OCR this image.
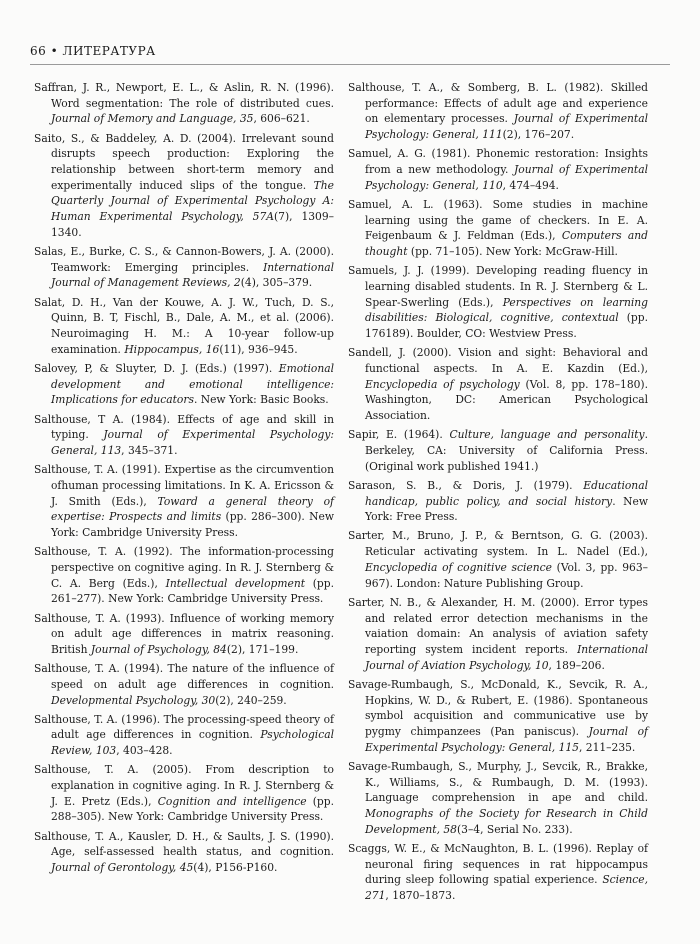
66 • ЛИТЕРАТУРА

Saffran, J. R., Newport, E. L., & Aslin, R. N. (1996). Word segmentation: The role of distributed cues. Journal of Memory and Language, 35, 606–621.

Saito, S., & Baddeley, A. D. (2004). Irrelevant sound disrupts speech production: Exploring the relationship between short-term memory and experimentally induced slips of the tongue. The Quarterly Journal of Experimental Psychology A: Human Experimental Psychology, 57A(7), 1309–1340.

Salas, E., Burke, C. S., & Cannon-Bowers, J. A. (2000). Teamwork: Emerging principles. International Journal of Management Reviews, 2(4), 305–379.

Salat, D. H., Van der Kouwe, A. J. W., Tuch, D. S., Quinn, B. T, Fischl, B., Dale, A. M., et al. (2006). Neuroimaging H. M.: A 10-year follow-up examination. Hippocampus, 16(11), 936–945.

Salovey, P, & Sluyter, D. J. (Eds.) (1997). Emotional development and emotional intelligence: Implications for educators. New York: Basic Books.

Salthouse, T A. (1984). Effects of age and skill in typing. Journal of Experimental Psychology: General, 113, 345–371.

Salthouse, T. A. (1991). Expertise as the circumvention ofhuman processing limitations. In K. A. Ericsson & J. Smith (Eds.), Toward a general theory of expertise: Prospects and limits (pp. 286–300). New York: Cambridge University Press.

Salthouse, T. A. (1992). The information-processing perspective on cognitive aging. In R. J. Sternberg & C. A. Berg (Eds.), Intellectual development (pp. 261–277). New York: Cambridge University Press.

Salthouse, T. A. (1993). Influence of working memory on adult age differences in matrix reasoning. British Journal of Psychology, 84(2), 171–199.

Salthouse, T. A. (1994). The nature of the influence of speed on adult age differences in cognition. Developmental Psychology, 30(2), 240–259.

Salthouse, T. A. (1996). The processing-speed theory of adult age differences in cognition. Psychological Review, 103, 403–428.

Salthouse, T. A. (2005). From description to explanation in cognitive aging. In R. J. Sternberg & J. E. Pretz (Eds.), Cognition and intelligence (pp. 288–305). New York: Cambridge University Press.

Salthouse, T. A., Kausler, D. H., & Saults, J. S. (1990). Age, self-assessed health status, and cognition. Journal of Gerontology, 45(4), P156-P160.

Salthouse, T. A., & Somberg, B. L. (1982). Skilled performance: Effects of adult age and experience on elementary processes. Journal of Experimental Psychology: General, 111(2), 176–207.

Samuel, A. G. (1981). Phonemic restoration: Insights from a new methodology. Journal of Experimental Psychology: General, 110, 474–494.

Samuel, A. L. (1963). Some studies in machine learning using the game of checkers. In E. A. Feigenbaum & J. Feldman (Eds.), Computers and thought (pp. 71–105). New York: McGraw-Hill.

Samuels, J. J. (1999). Developing reading fluency in learning disabled students. In R. J. Sternberg & L. Spear-Swerling (Eds.), Perspectives on learning disabilities: Biological, cognitive, contextual (pp. 176189). Boulder, CO: Westview Press.

Sandell, J. (2000). Vision and sight: Behavioral and functional aspects. In A. E. Kazdin (Ed.), Encyclopedia of psychology (Vol. 8, pp. 178–180). Washington, DC: American Psychological Association.

Sapir, E. (1964). Culture, language and personality. Berkeley, CA: University of California Press. (Original work published 1941.)

Sarason, S. B., & Doris, J. (1979). Educational handicap, public policy, and social history. New York: Free Press.

Sarter, M., Bruno, J. P., & Berntson, G. G. (2003). Reticular activating system. In L. Nadel (Ed.), Encyclopedia of cognitive science (Vol. 3, pp. 963–967). London: Nature Publishing Group.

Sarter, N. B., & Alexander, H. M. (2000). Error types and related error detection mechanisms in the vaiation domain: An analysis of aviation safety reporting system incident reports. International Journal of Aviation Psychology, 10, 189–206.

Savage-Rumbaugh, S., McDonald, K., Sevcik, R. A., Hopkins, W. D., & Rubert, E. (1986). Spontaneous symbol acquisition and communicative use by pygmy chimpanzees (Pan paniscus). Journal of Experimental Psychology: General, 115, 211–235.

Savage-Rumbaugh, S., Murphy, J., Sevcik, R., Brakke, K., Williams, S., & Rumbaugh, D. M. (1993). Language comprehension in ape and child. Monographs of the Society for Research in Child Development, 58(3–4, Serial No. 233).

Scaggs, W. E., & McNaughton, B. L. (1996). Replay of neuronal firing sequences in rat hippocampus during sleep following spatial experience. Science, 271, 1870–1873.
